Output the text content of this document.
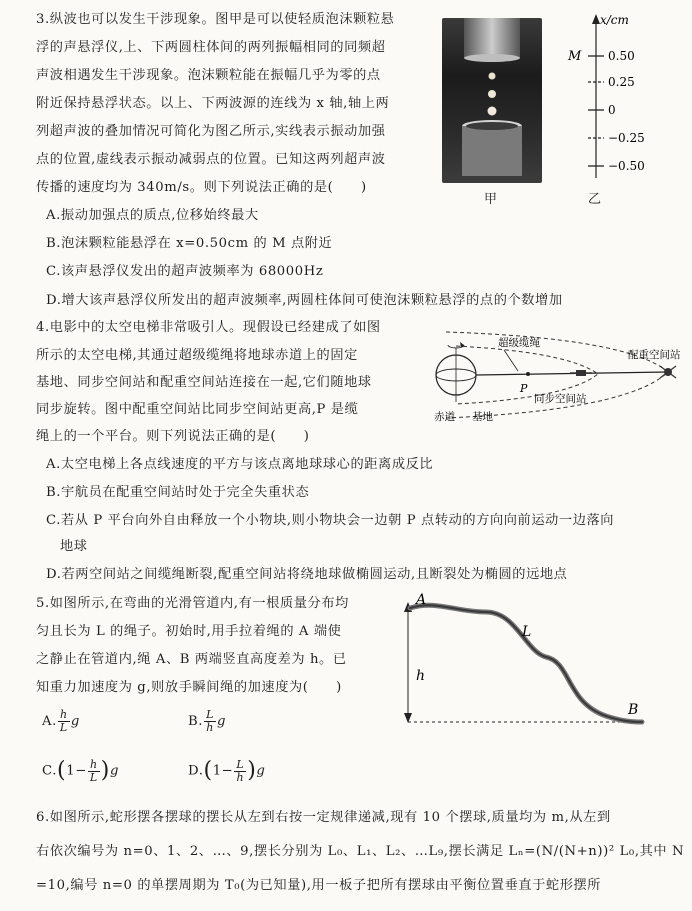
3.纵波也可以发生干涉现象。图甲是可以使轻质泡沫颗粒悬
浮的声悬浮仪,上、下两圆柱体间的两列振幅相同的同频超
声波相遇发生干涉现象。泡沫颗粒能在振幅几乎为零的点
附近保持悬浮状态。以上、下两波源的连线为 x 轴,轴上两
列超声波的叠加情况可简化为图乙所示,实线表示振动加强
点的位置,虚线表示振动减弱点的位置。已知这两列超声波
传播的速度均为 340m/s。则下列说法正确的是(　　)
A.振动加强点的质点,位移始终最大
B.泡沫颗粒能悬浮在 x=0.50cm 的 M 点附近
C.该声悬浮仪发出的超声波频率为 68000Hz
D.增大该声悬浮仪所发出的超声波频率,两圆柱体间可使泡沫颗粒悬浮的点的个数增加
甲
x/cm
M 0.50
0.25
0
−0.25
−0.50
乙
4.电影中的太空电梯非常吸引人。现假设已经建成了如图
所示的太空电梯,其通过超级缆绳将地球赤道上的固定
基地、同步空间站和配重空间站连接在一起,它们随地球
同步旋转。图中配重空间站比同步空间站更高,P 是缆
绳上的一个平台。则下列说法正确的是(　　)
A.太空电梯上各点线速度的平方与该点离地球球心的距离成反比
B.宇航员在配重空间站时处于完全失重状态
C.若从 P 平台向外自由释放一个小物块,则小物块会一边朝 P 点转动的方向向前运动一边落向
地球
D.若两空间站之间缆绳断裂,配重空间站将绕地球做椭圆运动,且断裂处为椭圆的远地点
超级缆绳
配重空间站
P
赤道 基地
同步空间站
5.如图所示,在弯曲的光滑管道内,有一根质量分布均
匀且长为 L 的绳子。初始时,用手拉着绳的 A 端使
之静止在管道内,绳 A、B 两端竖直高度差为 h。已
知重力加速度为 g,则放手瞬间绳的加速度为(　　)
A. $\frac{h}{L}$ g	B. $\frac{L}{h}$ g
$C.(1- \frac{h}{L} )g$	$D.(1- \frac{L}{h} )g$
A
L
h
B
6.如图所示,蛇形摆各摆球的摆长从左到右按一定规律递减,现有 10 个摆球,质量均为 m,从左到
右依次编号为 n=0、1、2、…、9,摆长分别为 L₀、L₁、L₂、…L₉,摆长满足 Lₙ=(N/(N+n))² L₀,其中 N
=10,编号 n=0 的单摆周期为 T₀(为已知量),用一板子把所有摆球由平衡位置垂直于蛇形摆所
